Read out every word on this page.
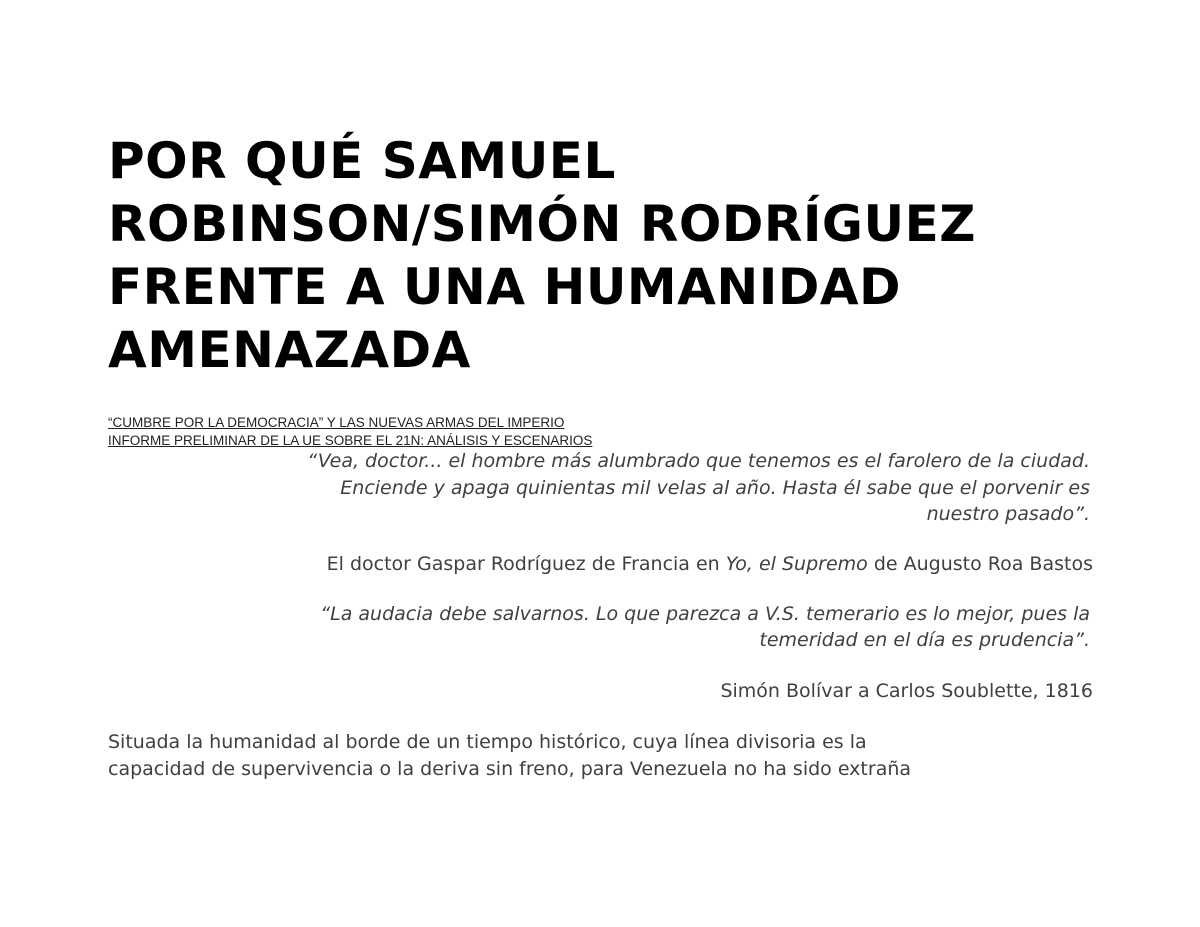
POR QUÉ SAMUEL
ROBINSON/SIMÓN RODRÍGUEZ
FRENTE A UNA HUMANIDAD
AMENAZADA
“CUMBRE POR LA DEMOCRACIA” Y LAS NUEVAS ARMAS DEL IMPERIO
INFORME PRELIMINAR DE LA UE SOBRE EL 21N: ANÁLISIS Y ESCENARIOS

“Vea, doctor... el hombre más alumbrado que tenemos es el farolero de la ciudad.
Enciende y apaga quinientas mil velas al año. Hasta él sabe que el porvenir es
nuestro pasado”.

El doctor Gaspar Rodríguez de Francia en Yo, el Supremo de Augusto Roa Bastos

“La audacia debe salvarnos. Lo que parezca a V.S. temerario es lo mejor, pues la
temeridad en el día es prudencia”.

Simón Bolívar a Carlos Soublette, 1816

Situada la humanidad al borde de un tiempo histórico, cuya línea divisoria es la
capacidad de supervivencia o la deriva sin freno, para Venezuela no ha sido extraña
